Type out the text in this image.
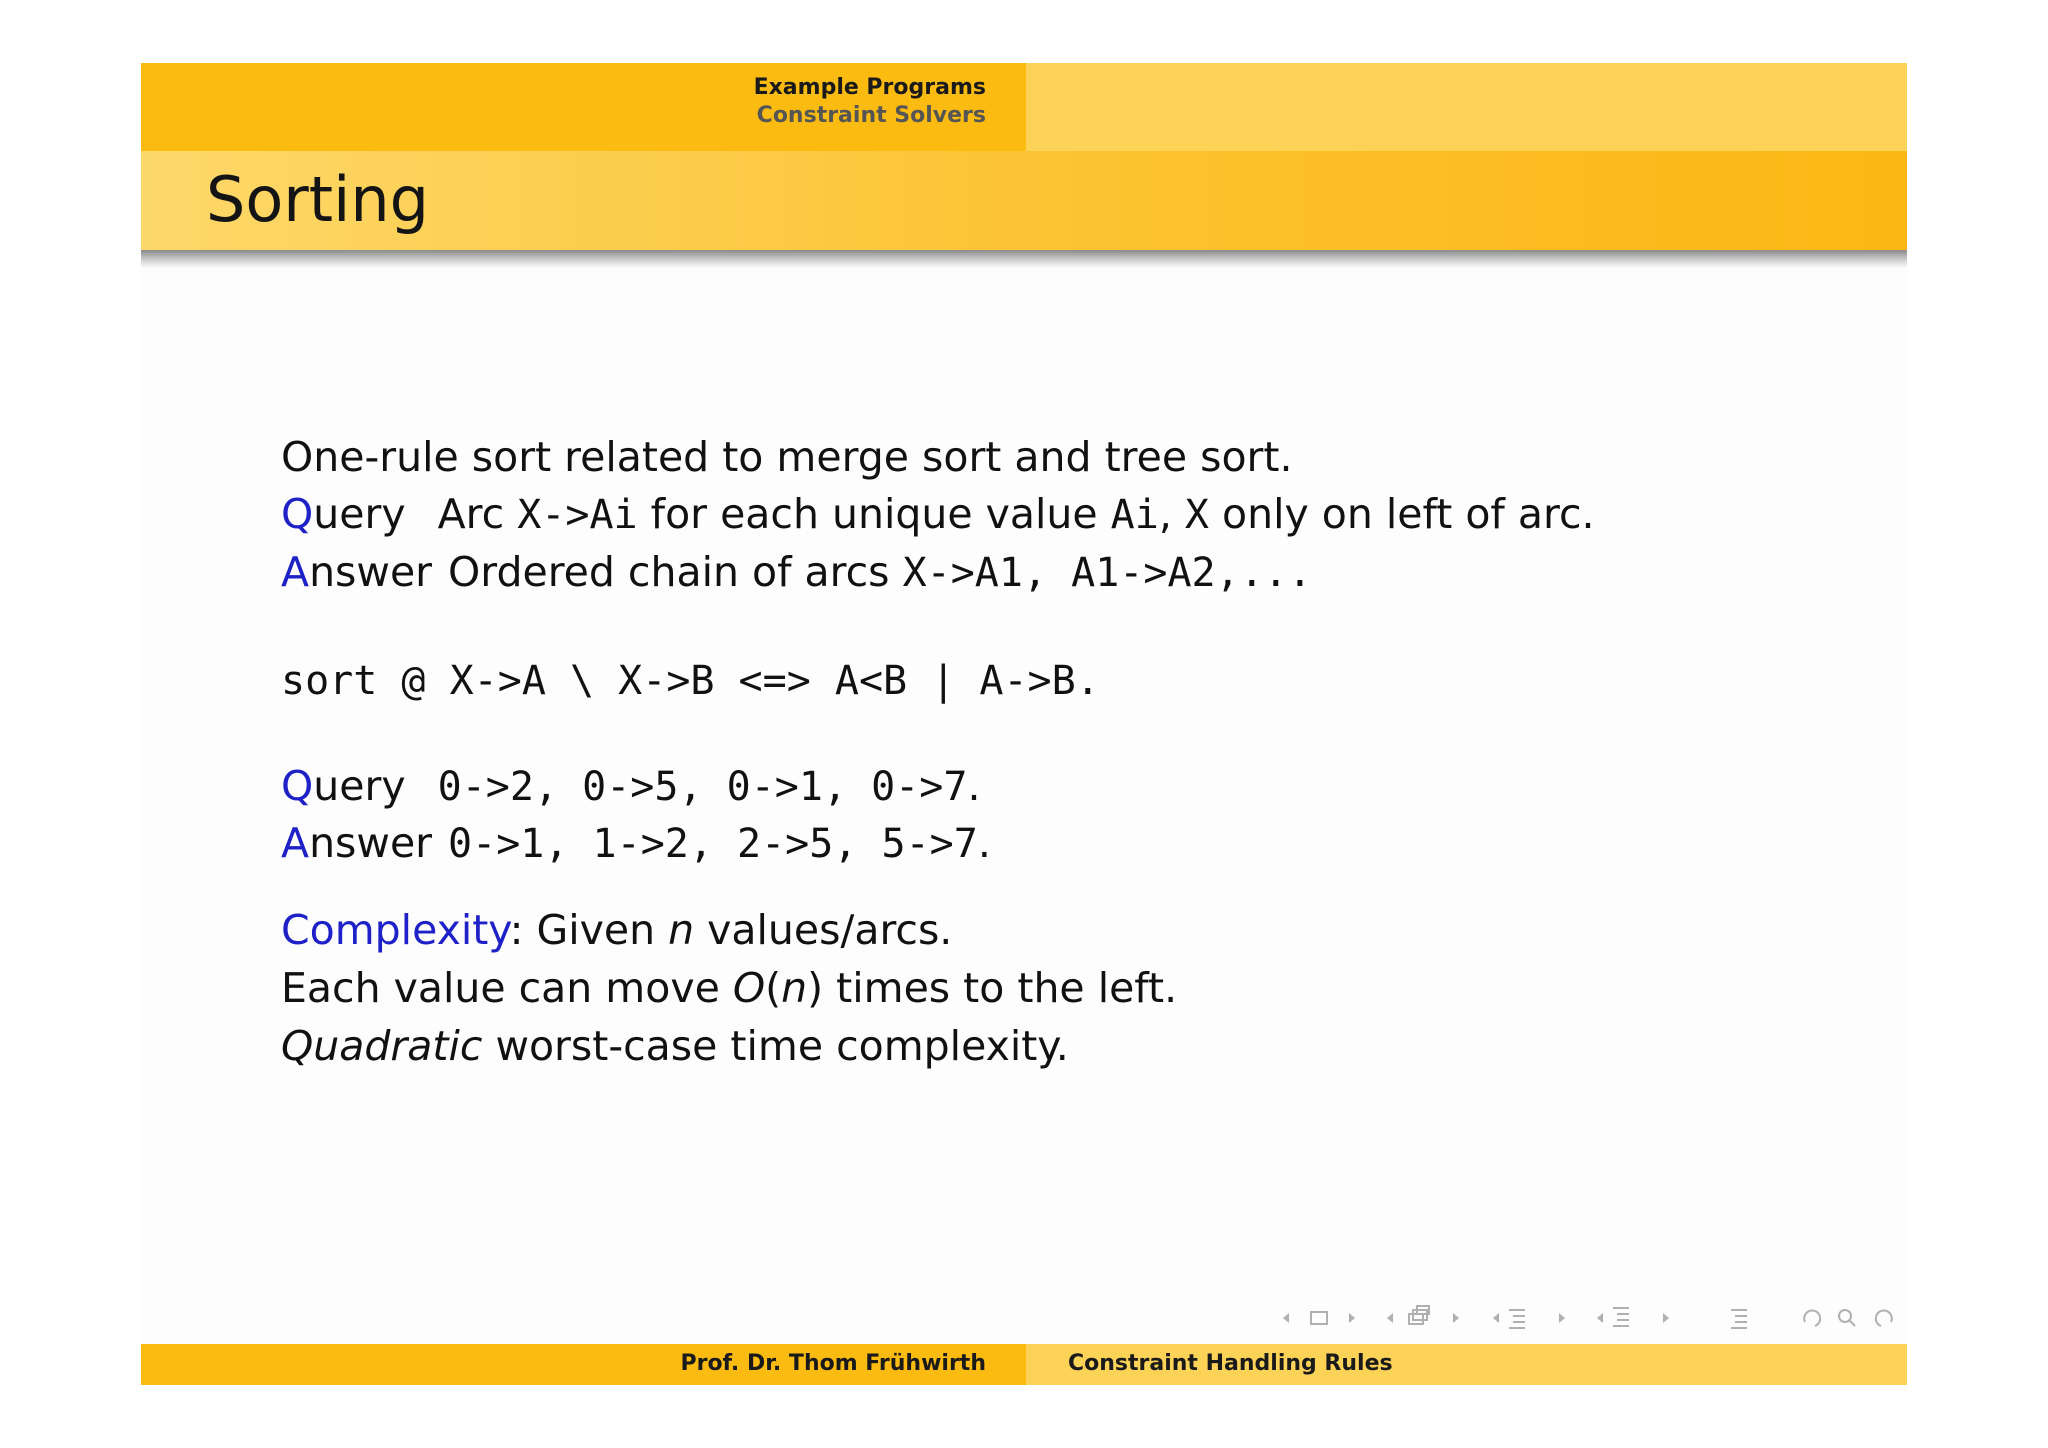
Example Programs
Constraint Solvers
Sorting
One-rule sort related to merge sort and tree sort.
Query Arc X->Ai for each unique value Ai, X only on left of arc.
Answer Ordered chain of arcs X->A1, A1->A2,...
sort @ X->A \ X->B <=> A<B | A->B.
Query 0->2, 0->5, 0->1, 0->7.
Answer 0->1, 1->2, 2->5, 5->7.
Complexity: Given n values/arcs.
Each value can move O(n) times to the left.
Quadratic worst-case time complexity.
Prof. Dr. Thom Frühwirth	Constraint Handling Rules
